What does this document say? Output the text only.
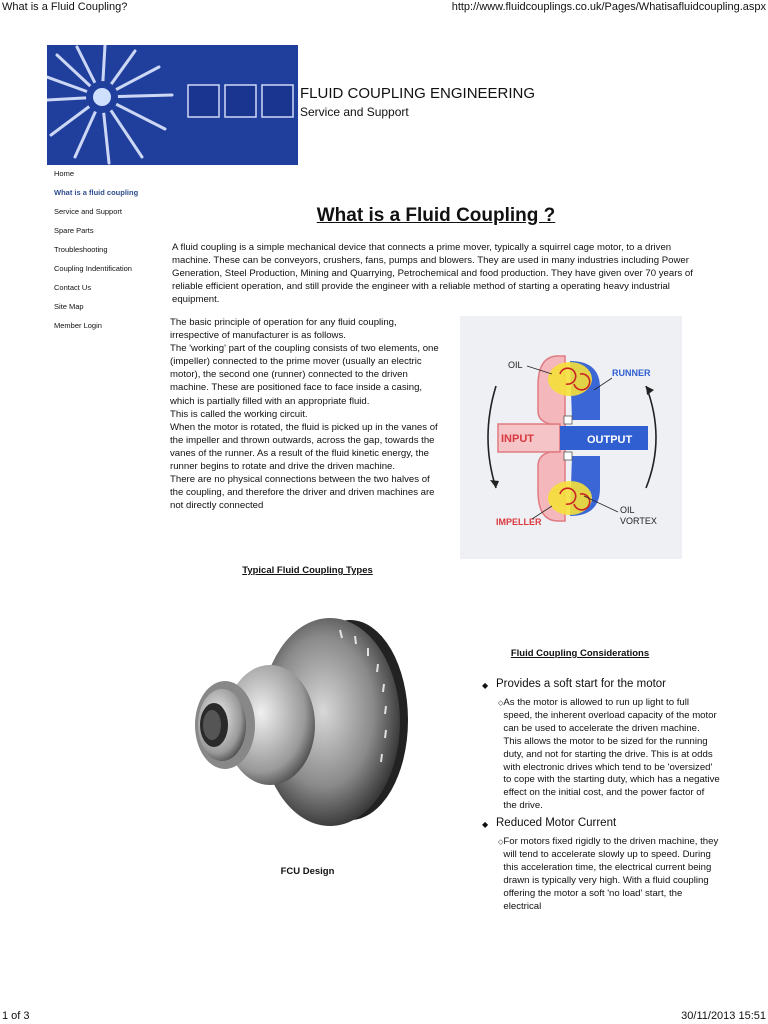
What is a Fluid Coupling?	http://www.fluidcouplings.co.uk/Pages/Whatisafluidcoupling.aspx
FLUID COUPLING ENGINEERING
Service and Support
Home
What is a fluid coupling
Service and Support
Spare Parts
Troubleshooting
Coupling Indentification
Contact Us
Site Map
Member Login
What is a Fluid Coupling ?
A fluid coupling is a simple mechanical device that connects a prime mover, typically a squirrel cage motor, to a driven machine. These can be conveyors, crushers, fans, pumps and blowers. They are used in many industries including Power Generation, Steel Production, Mining and Quarrying, Petrochemical and food production. They have given over 70 years of reliable efficient operation, and still provide the engineer with a reliable method of starting a operating heavy industrial equipment.

The basic principle of operation for any fluid coupling, irrespective of manufacturer is as follows.

The 'working' part of the coupling consists of two elements, one (impeller) connected to the prime mover (usually an electric motor), the second one (runner) connected to the driven machine. These are positioned face to face inside a casing, which is partially filled with an appropriate fluid.

This is called the working circuit.

When the motor is rotated, the fluid is picked up in the vanes of the impeller and thrown outwards, across the gap, towards the vanes of the runner. As a result of the fluid kinetic energy, the runner begins to rotate and drive the driven machine.

There are no physical connections between the two halves of the coupling, and therefore the driver and driven machines are not directly connected

OIL
RUNNER
INPUT	OUTPUT
IMPELLER
OIL
VORTEX
Typical Fluid Coupling Types
FCU Design
Fluid Coupling Considerations
◆ Provides a soft start for the motor
◇ As the motor is allowed to run up light to full speed, the inherent overload capacity of the motor can be used to accelerate the driven machine. This allows the motor to be sized for the running duty, and not for starting the drive. This is at odds with electronic drives which tend to be 'oversized' to cope with the starting duty, which has a negative effect on the initial cost, and the power factor of the drive.
◆ Reduced Motor Current
◇ For motors fixed rigidly to the driven machine, they will tend to accelerate slowly up to speed. During this acceleration time, the electrical current being drawn is typically very high. With a fluid coupling offering the motor a soft 'no load' start, the electrical
1 of 3	30/11/2013 15:51
